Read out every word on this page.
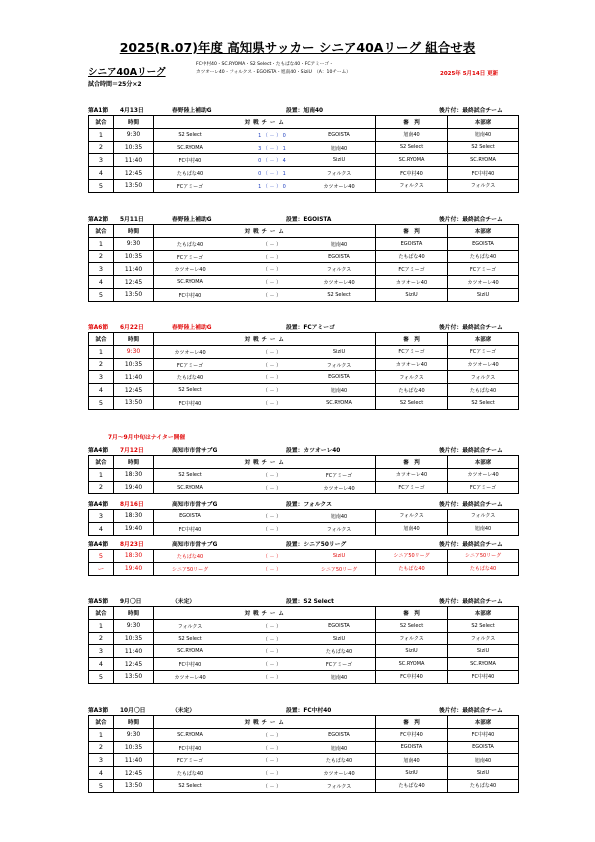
2025(R.07)年度 高知県サッカー シニア40Aリーグ 組合せ表
シニア40Aリーグ
試合時間＝25分×2
FC中村40・SC.RYOMA・S2 Select・たもぱな40・FCアミーゴ・
カツオーレ40・フォルクス・EGOISTA・旭南40・SiziU　（A：10チーム）	2025年 5月14日 更新
第A1節 4月13日	春野陸上補助G	設置：旭南40	後片付：最終試合チーム
試合	時間	対 戦 チ ー ム	審　判	本部席
1	9:30	S2 Select 1 （ － ） 0 EGOISTA	旭南40	旭南40
2	10:35	SC.RYOMA 3 （ － ） 1 旭南40	S2 Select	S2 Select
3	11:40	FC中村40 0 （ － ） 4 SiziU	SC.RYOMA	SC.RYOMA
4	12:45	たもぱな40 0 （ － ） 1 フォルクス	FC中村40	FC中村40
5	13:50	FCアミーゴ 1 （ － ） 0 カツオーレ40	フォルクス	フォルクス
第A2節 5月11日	春野陸上補助G	設置：EGOISTA	後片付：最終試合チーム
試合	時間	対 戦 チ ー ム	審　判	本部席
1	9:30	たもぱな40 （ － ） 旭南40	EGOISTA	EGOISTA
2	10:35	FCアミーゴ （ － ） EGOISTA	たもぱな40	たもぱな40
3	11:40	カツオーレ40 （ － ） フォルクス	FCアミーゴ	FCアミーゴ
4	12:45	SC.RYOMA （ － ） カツオーレ40	カツオーレ40	カツオーレ40
5	13:50	FC中村40 （ － ） S2 Select	SiziU	SiziU
第A6節 6月22日	春野陸上補助G	設置：FCアミーゴ	後片付：最終試合チーム
試合	時間	対 戦 チ ー ム	審　判	本部席
1	9:30	カツオーレ40 （ － ） SiziU	FCアミーゴ	FCアミーゴ
2	10:35	FCアミーゴ （ － ） フォルクス	カツオーレ40	カツオーレ40
3	11:40	たもぱな40 （ － ） EGOISTA	フォルクス	フォルクス
4	12:45	S2 Select （ － ） 旭南40	たもぱな40	たもぱな40
5	13:50	FC中村40 （ － ） SC.RYOMA	S2 Select	S2 Select
7月～9月中旬はナイター開催
第A4節 7月12日	高知市市営サブG	設置：カツオーレ40	後片付：最終試合チーム
試合	時間	対 戦 チ ー ム	審　判	本部席
1	18:30	S2 Select （ － ） FCアミーゴ	カツオーレ40	カツオーレ40
2	19:40	SC.RYOMA （ － ） カツオーレ40	FCアミーゴ	FCアミーゴ
第A4節 8月16日	高知市市営サブG	設置：フォルクス	後片付：最終試合チーム
3	18:30	EGOISTA （ － ） 旭南40	フォルクス	フォルクス
4	19:40	FC中村40 （ － ） フォルクス	旭南40	旭南40
第A4節 8月23日	高知市市営サブG	設置：シニア50リーグ	後片付：最終試合チーム
5	18:30	たもぱな40 （ － ） SiziU	シニア50リーグ	シニア50リーグ
ー	19:40	シニア50リーグ （ － ） シニア50リーグ	たもぱな40	たもぱな40
第A5節 9月〇日	（未定）	設置：S2 Select	後片付：最終試合チーム
試合	時間	対 戦 チ ー ム	審　判	本部席
1	9:30	フォルクス （ － ） EGOISTA	S2 Select	S2 Select
2	10:35	S2 Select （ － ） SiziU	フォルクス	フォルクス
3	11:40	SC.RYOMA （ － ） たもぱな40	SiziU	SiziU
4	12:45	FC中村40 （ － ） FCアミーゴ	SC.RYOMA	SC.RYOMA
5	13:50	カツオーレ40 （ － ） 旭南40	FC中村40	FC中村40
第A3節 10月〇日	（未定）	設置：FC中村40	後片付：最終試合チーム
試合	時間	対 戦 チ ー ム	審　判	本部席
1	9:30	SC.RYOMA （ － ） EGOISTA	FC中村40	FC中村40
2	10:35	FC中村40 （ － ） 旭南40	EGOISTA	EGOISTA
3	11:40	FCアミーゴ （ － ） たもぱな40	旭南40	旭南40
4	12:45	たもぱな40 （ － ） カツオーレ40	SiziU	SiziU
5	13:50	S2 Select （ － ） フォルクス	たもぱな40	たもぱな40
